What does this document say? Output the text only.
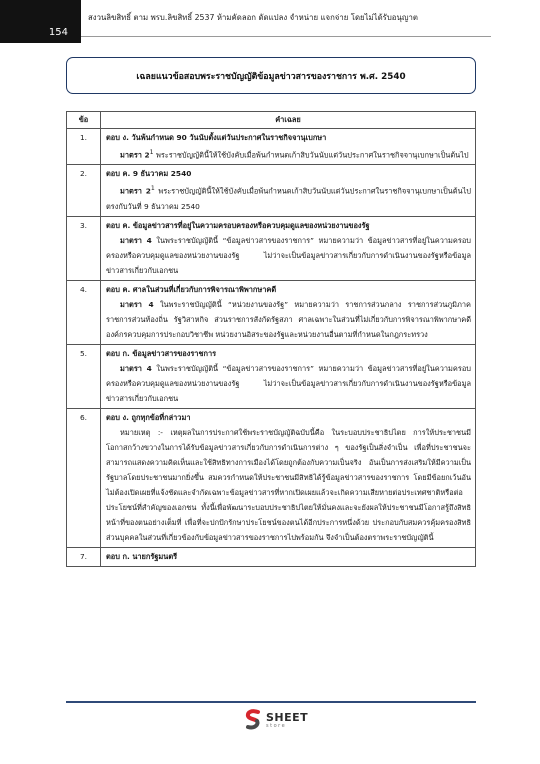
154
สงวนลิขสิทธิ์ ตาม พรบ.ลิขสิทธิ์ 2537 ห้ามคัดลอก ดัดแปลง จำหน่าย แจกจ่าย โดยไม่ได้รับอนุญาต
เฉลยแนวข้อสอบพระราชบัญญัติข้อมูลข่าวสารของราชการ พ.ศ. 2540
ข้อ	คำเฉลย
1.	ตอบ ง. วันพ้นกำหนด 90 วันนับตั้งแต่วันประกาศในราชกิจจานุเบกษา

มาตรา $2^1$ พระราชบัญญัตินี้ให้ใช้บังคับเมื่อพ้นกำหนดเก้าสิบวันนับแต่วันประกาศในราชกิจจานุเบกษาเป็นต้นไป

2.	ตอบ ค. 9 ธันวาคม 2540

มาตรา $2^1$ พระราชบัญญัตินี้ให้ใช้บังคับเมื่อพ้นกำหนดเก้าสิบวันนับแต่วันประกาศในราชกิจจานุเบกษาเป็นต้นไป ตรงกับวันที่ 9 ธันวาคม 2540

3.	ตอบ ค. ข้อมูลข่าวสารที่อยู่ในความครอบครองหรือควบคุมดูแลของหน่วยงานของรัฐ

มาตรา 4 ในพระราชบัญญัตินี้ “ข้อมูลข่าวสารของราชการ” หมายความว่า ข้อมูลข่าวสารที่อยู่ในความครอบครองหรือควบคุมดูแลของหน่วยงานของรัฐ ไม่ว่าจะเป็นข้อมูลข่าวสารเกี่ยวกับการดำเนินงานของรัฐหรือข้อมูลข่าวสารเกี่ยวกับเอกชน

4.	ตอบ ค. ศาลในส่วนที่เกี่ยวกับการพิจารณาพิพากษาคดี

มาตรา 4 ในพระราชบัญญัตินี้ “หน่วยงานของรัฐ” หมายความว่า ราชการส่วนกลาง ราชการส่วนภูมิภาค ราชการส่วนท้องถิ่น รัฐวิสาหกิจ ส่วนราชการสังกัดรัฐสภา ศาลเฉพาะในส่วนที่ไม่เกี่ยวกับการพิจารณาพิพากษาคดีองค์กรควบคุมการประกอบวิชาชีพ หน่วยงานอิสระของรัฐและหน่วยงานอื่นตามที่กำหนดในกฎกระทรวง

5.	ตอบ ก. ข้อมูลข่าวสารของราชการ

มาตรา 4 ในพระราชบัญญัตินี้ “ข้อมูลข่าวสารของราชการ” หมายความว่า ข้อมูลข่าวสารที่อยู่ในความครอบครองหรือควบคุมดูแลของหน่วยงานของรัฐ ไม่ว่าจะเป็นข้อมูลข่าวสารเกี่ยวกับการดำเนินงานของรัฐหรือข้อมูลข่าวสารเกี่ยวกับเอกชน

6.	ตอบ ง. ถูกทุกข้อที่กล่าวมา

หมายเหตุ :- เหตุผลในการประกาศใช้พระราชบัญญัติฉบับนี้คือ ในระบอบประชาธิปไตย การให้ประชาชนมีโอกาสกว้างขวางในการได้รับข้อมูลข่าวสารเกี่ยวกับการดำเนินการต่าง ๆ ของรัฐเป็นสิ่งจำเป็น เพื่อที่ประชาชนจะสามารถแสดงความคิดเห็นและใช้สิทธิทางการเมืองได้โดยถูกต้องกับความเป็นจริง อันเป็นการส่งเสริมให้มีความเป็นรัฐบาลโดยประชาชนมากยิ่งขึ้น สมควรกำหนดให้ประชาชนมีสิทธิได้รู้ข้อมูลข่าวสารของราชการ โดยมีข้อยกเว้นอันไม่ต้องเปิดเผยที่แจ้งชัดและจำกัดเฉพาะข้อมูลข่าวสารที่หากเปิดเผยแล้วจะเกิดความเสียหายต่อประเทศชาติหรือต่อประโยชน์ที่สำคัญของเอกชน ทั้งนี้เพื่อพัฒนาระบอบประชาธิปไตยให้มั่นคงและจะยังผลให้ประชาชนมีโอกาสรู้ถึงสิทธิหน้าที่ของตนอย่างเต็มที่ เพื่อที่จะปกปักรักษาประโยชน์ของตนได้อีกประการหนึ่งด้วย ประกอบกับสมควรคุ้มครองสิทธิส่วนบุคคลในส่วนที่เกี่ยวข้องกับข้อมูลข่าวสารของราชการไปพร้อมกัน จึงจำเป็นต้องตราพระราชบัญญัตินี้

7.	ตอบ ก. นายกรัฐมนตรี
SHEET
store
